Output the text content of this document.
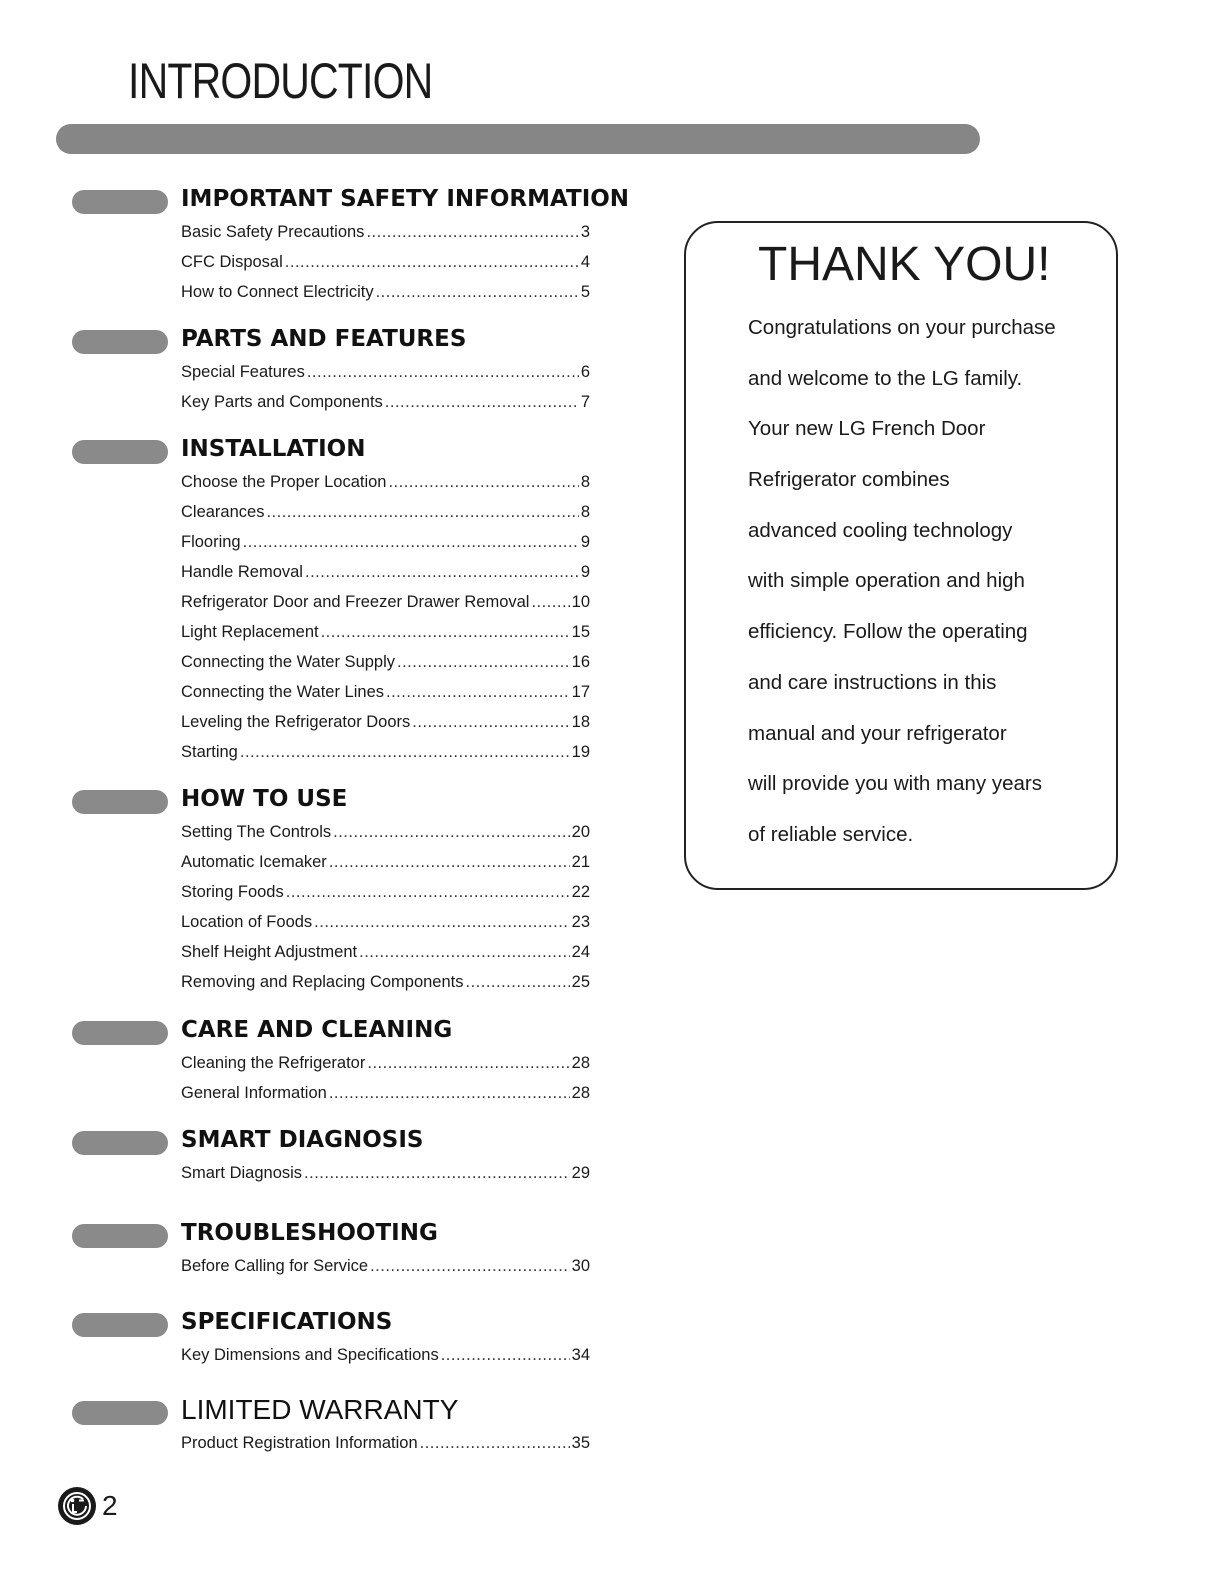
INTRODUCTION
IMPORTANT SAFETY INFORMATION
Basic Safety Precautions .....	3
CFC Disposal .....	4
How to Connect Electricity .....	5
PARTS AND FEATURES
Special Features .....	6
Key Parts and Components .....	7
INSTALLATION
Choose the Proper Location .....	8
Clearances .....	8
Flooring .....	9
Handle Removal .....	9
Refrigerator Door and Freezer Drawer Removal .....	10
Light Replacement .....	15
Connecting the Water Supply .....	16
Connecting the Water Lines .....	17
Leveling the Refrigerator Doors .....	18
Starting .....	19
HOW TO USE
Setting The Controls .....	20
Automatic Icemaker .....	21
Storing Foods .....	22
Location of Foods .....	23
Shelf Height Adjustment .....	24
Removing and Replacing Components .....	25
CARE AND CLEANING
Cleaning the Refrigerator .....	28
General Information .....	28
SMART DIAGNOSIS
Smart Diagnosis .....	29
TROUBLESHOOTING
Before Calling for Service .....	30
SPECIFICATIONS
Key Dimensions and Specifications .....	34
LIMITED WARRANTY
Product Registration Information .....	35
THANK YOU!
Congratulations on your purchase
and welcome to the LG family.
Your new LG French Door
Refrigerator combines
advanced cooling technology
with simple operation and high
efficiency. Follow the operating
and care instructions in this
manual and your refrigerator
will provide you with many years
of reliable service.
2
